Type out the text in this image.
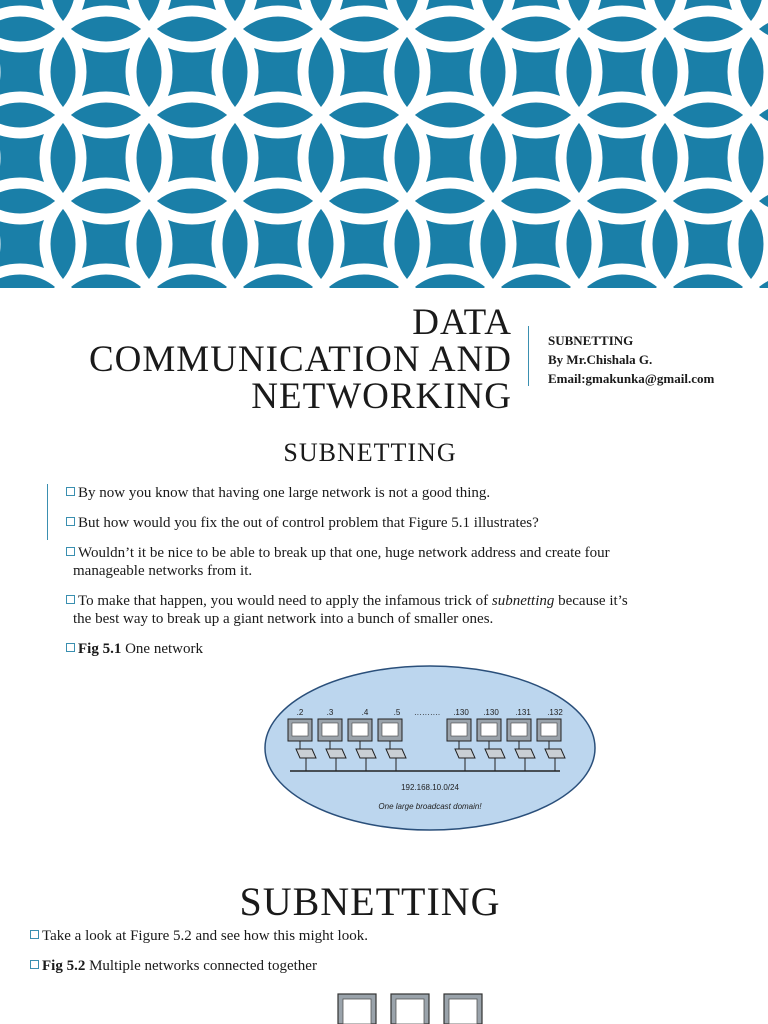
DATA
COMMUNICATION AND
NETWORKING
SUBNETTING
By Mr.Chishala G.
Email:gmakunka@gmail.com
SUBNETTING
By now you know that having one large network is not a good thing.
But how would you fix the out of control problem that Figure 5.1 illustrates?
Wouldn’t it be nice to be able to break up that one, huge network address and create four manageable networks from it.
To make that happen, you would need to apply the infamous trick of subnetting because it’s the best way to break up a giant network into a bunch of smaller ones.
Fig 5.1 One network
.2	.3	.4	.5 ………. .130 .130 .131 .132
192.168.10.0/24
One large broadcast domain!
SUBNETTING
Take a look at Figure 5.2 and see how this might look.
Fig 5.2 Multiple networks connected together
